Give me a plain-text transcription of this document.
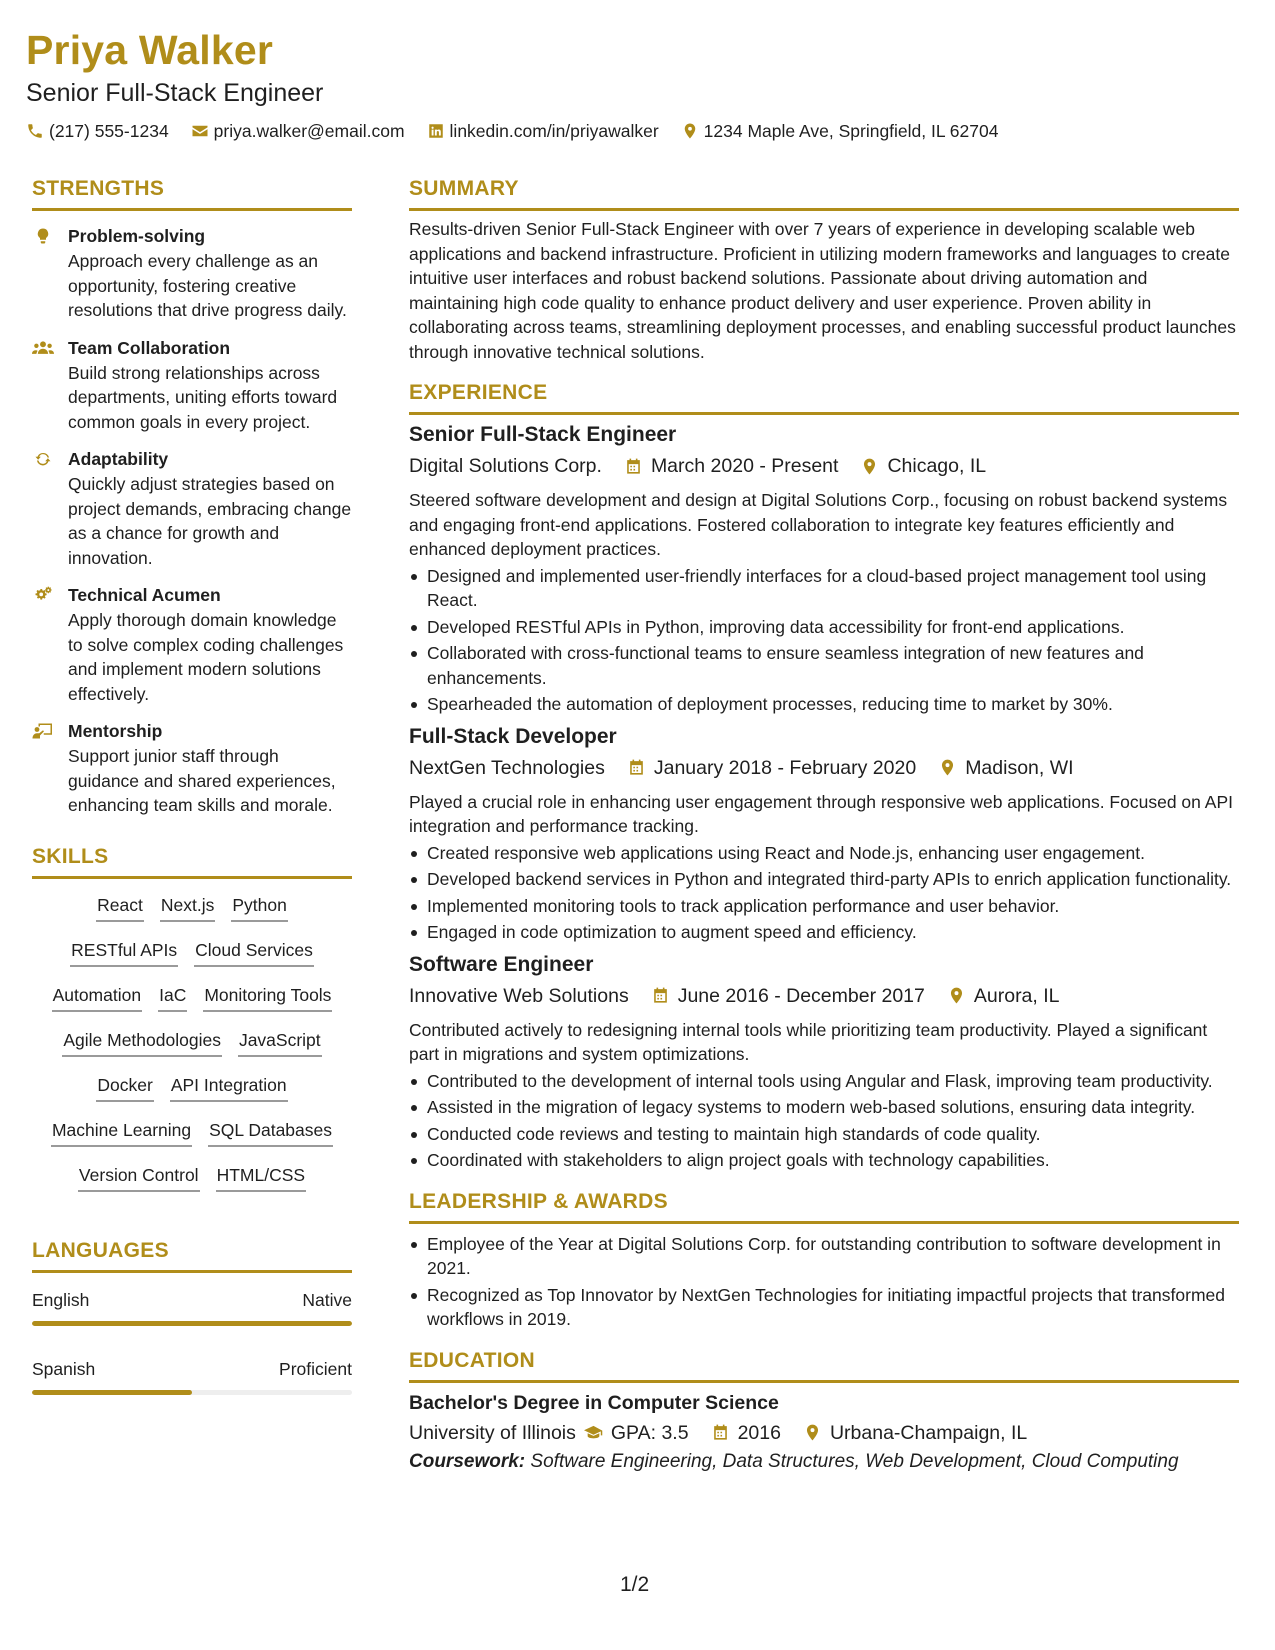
Priya Walker
Senior Full-Stack Engineer
(217) 555-1234	priya.walker@email.com	linkedin.com/in/priyawalker	1234 Maple Ave, Springfield, IL 62704
STRENGTHS
Problem-solving
Approach every challenge as an opportunity, fostering creative resolutions that drive progress daily.
Team Collaboration
Build strong relationships across departments, uniting efforts toward common goals in every project.
Adaptability
Quickly adjust strategies based on project demands, embracing change as a chance for growth and innovation.
Technical Acumen
Apply thorough domain knowledge to solve complex coding challenges and implement modern solutions effectively.
Mentorship
Support junior staff through guidance and shared experiences, enhancing team skills and morale.
SKILLS
React Next.js Python
RESTful APIs Cloud Services
Automation IaC Monitoring Tools
Agile Methodologies JavaScript
Docker API Integration
Machine Learning SQL Databases
Version Control HTML/CSS
LANGUAGES
English	Native
Spanish	Proficient
SUMMARY
Results-driven Senior Full-Stack Engineer with over 7 years of experience in developing scalable web applications and backend infrastructure. Proficient in utilizing modern frameworks and languages to create intuitive user interfaces and robust backend solutions. Passionate about driving automation and maintaining high code quality to enhance product delivery and user experience. Proven ability in collaborating across teams, streamlining deployment processes, and enabling successful product launches through innovative technical solutions.
EXPERIENCE
Senior Full-Stack Engineer
Digital Solutions Corp.	March 2020 - Present	Chicago, IL
Steered software development and design at Digital Solutions Corp., focusing on robust backend systems and engaging front-end applications. Fostered collaboration to integrate key features efficiently and enhanced deployment practices.
Designed and implemented user-friendly interfaces for a cloud-based project management tool using React.
Developed RESTful APIs in Python, improving data accessibility for front-end applications.
Collaborated with cross-functional teams to ensure seamless integration of new features and enhancements.
Spearheaded the automation of deployment processes, reducing time to market by 30%.
Full-Stack Developer
NextGen Technologies	January 2018 - February 2020	Madison, WI
Played a crucial role in enhancing user engagement through responsive web applications. Focused on API integration and performance tracking.
Created responsive web applications using React and Node.js, enhancing user engagement.
Developed backend services in Python and integrated third-party APIs to enrich application functionality.
Implemented monitoring tools to track application performance and user behavior.
Engaged in code optimization to augment speed and efficiency.
Software Engineer
Innovative Web Solutions	June 2016 - December 2017	Aurora, IL
Contributed actively to redesigning internal tools while prioritizing team productivity. Played a significant part in migrations and system optimizations.
Contributed to the development of internal tools using Angular and Flask, improving team productivity.
Assisted in the migration of legacy systems to modern web-based solutions, ensuring data integrity.
Conducted code reviews and testing to maintain high standards of code quality.
Coordinated with stakeholders to align project goals with technology capabilities.
LEADERSHIP & AWARDS
Employee of the Year at Digital Solutions Corp. for outstanding contribution to software development in 2021.
Recognized as Top Innovator by NextGen Technologies for initiating impactful projects that transformed workflows in 2019.
EDUCATION
Bachelor's Degree in Computer Science
University of Illinois GPA: 3.5	2016	Urbana-Champaign, IL
Coursework: Software Engineering, Data Structures, Web Development, Cloud Computing
1/2
